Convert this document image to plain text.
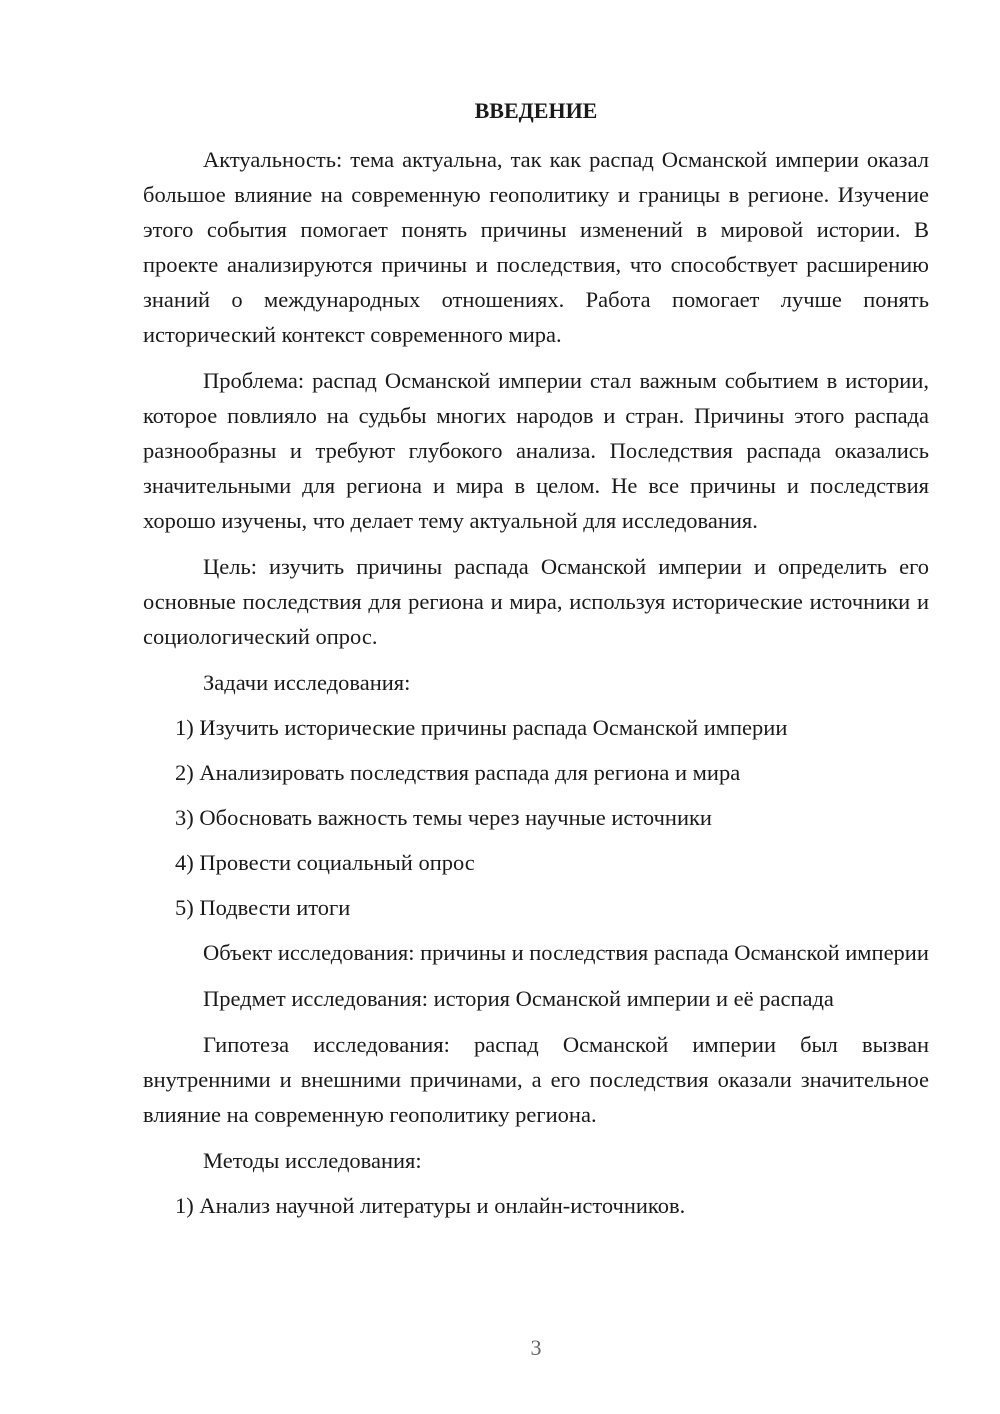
ВВЕДЕНИЕ

Актуальность: тема актуальна, так как распад Османской империи оказал большое влияние на современную геополитику и границы в регионе. Изучение этого события помогает понять причины изменений в мировой истории. В проекте анализируются причины и последствия, что способствует расширению знаний о международных отношениях. Работа помогает лучше понять исторический контекст современного мира.

Проблема: распад Османской империи стал важным событием в истории, которое повлияло на судьбы многих народов и стран. Причины этого распада разнообразны и требуют глубокого анализа. Последствия распада оказались значительными для региона и мира в целом. Не все причины и последствия хорошо изучены, что делает тему актуальной для исследования.

Цель: изучить причины распада Османской империи и определить его основные последствия для региона и мира, используя исторические источники и социологический опрос.

Задачи исследования:

1) Изучить исторические причины распада Османской империи

2) Анализировать последствия распада для региона и мира

3) Обосновать важность темы через научные источники

4) Провести социальный опрос

5) Подвести итоги

Объект исследования: причины и последствия распада Османской империи

Предмет исследования: история Османской империи и её распада

Гипотеза исследования: распад Османской империи был вызван внутренними и внешними причинами, а его последствия оказали значительное влияние на современную геополитику региона.

Методы исследования:

1) Анализ научной литературы и онлайн-источников.

3
